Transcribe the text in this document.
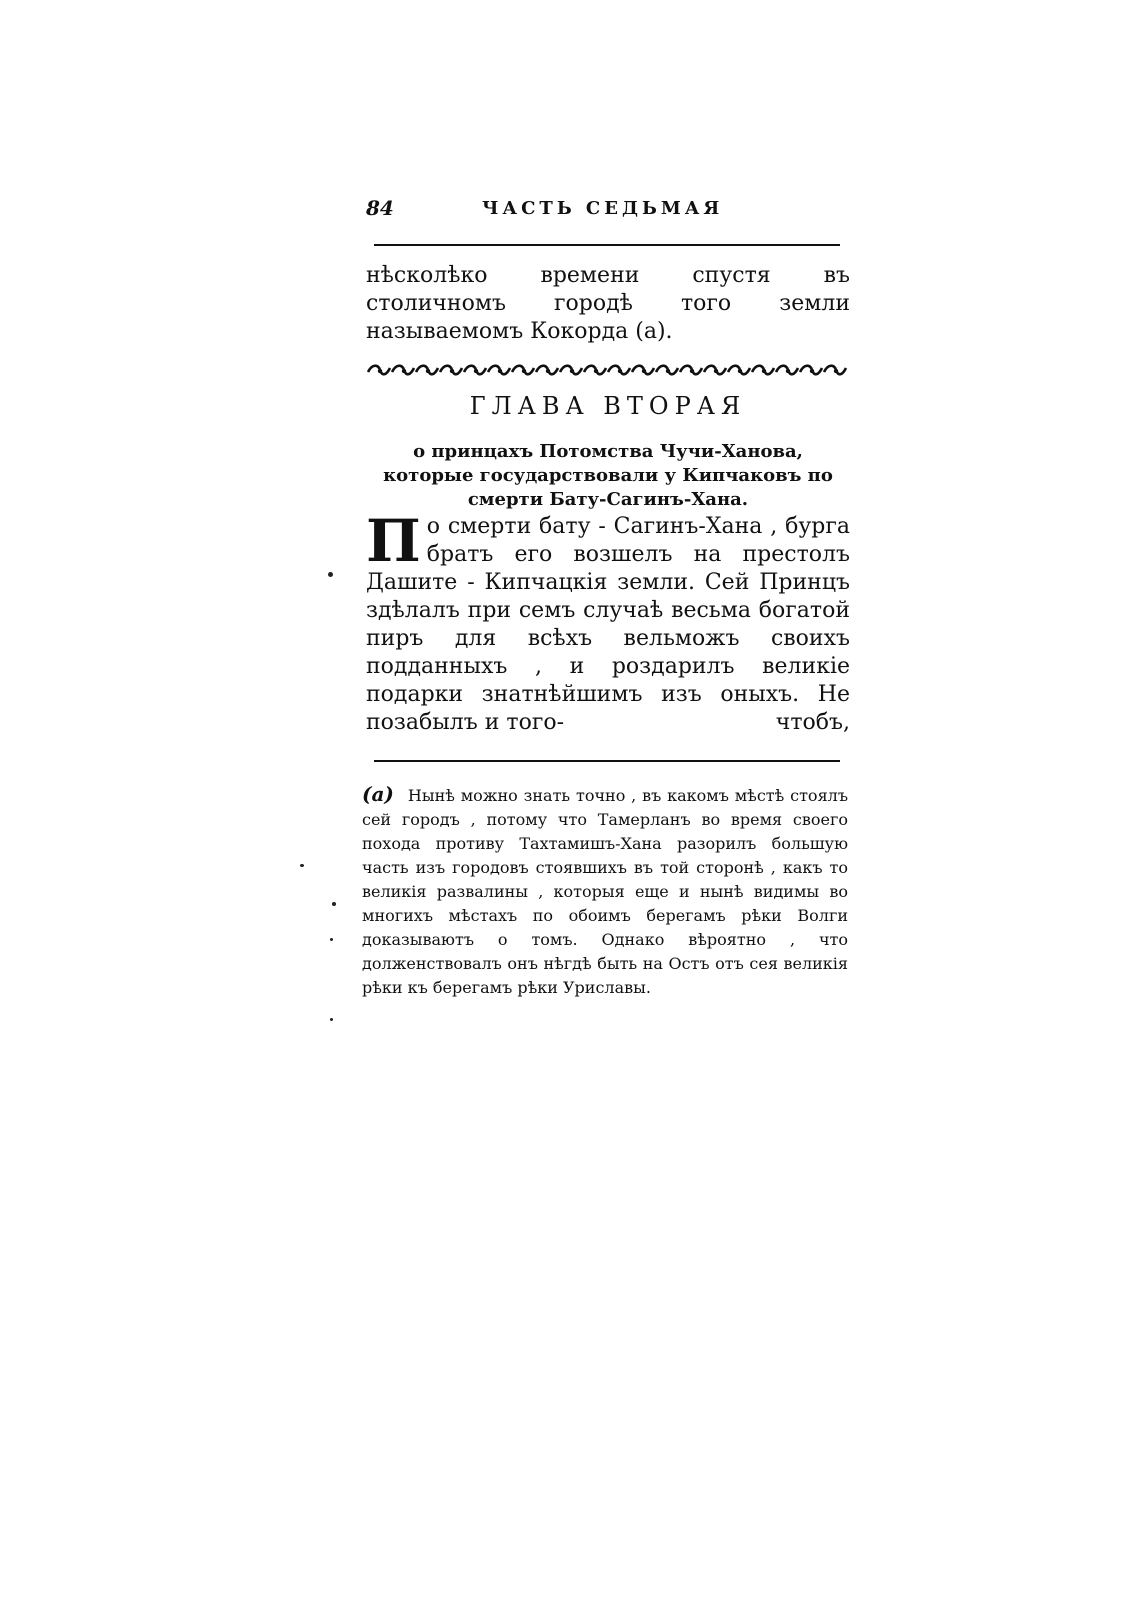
84	ЧАСТЬ СЕДЬМАЯ
нѣсколѣко времени спустя въ столичномъ городѣ того земли называемомъ Кокорда (a).
ГЛАВА ВТОРАЯ
о принцахъ Потомства Чучи-Ханова, которые государствовали у Кипчаковъ по смерти Бату-Сагинъ-Хана.
По смерти бату - Сагинъ-Хана , бурга братъ его возшелъ на престолъ Дашите - Кипчацкія земли. Сей Принцъ здѣлалъ при семъ случаѣ весьма богатой пиръ для всѣхъ вельможъ своихъ подданныхъ , и роздарилъ великіе подарки знатнѣйшимъ изъ оныхъ. Не позабылъ и того-	чтобъ,
(a) Нынѣ можно знать точно , въ какомъ мѣстѣ стоялъ сей городъ , потому что Тамерланъ во время своего похода противу Тахтамишъ-Хана разорилъ большую часть изъ городовъ стоявшихъ въ той сторонѣ , какъ то великія развалины , которыя еще и нынѣ видимы во многихъ мѣстахъ по обоимъ берегамъ рѣки Волги доказываютъ о томъ. Однако вѣроятно , что долженствовалъ онъ нѣгдѣ быть на Остъ отъ сея великія рѣки къ берегамъ рѣки Уриславы.
